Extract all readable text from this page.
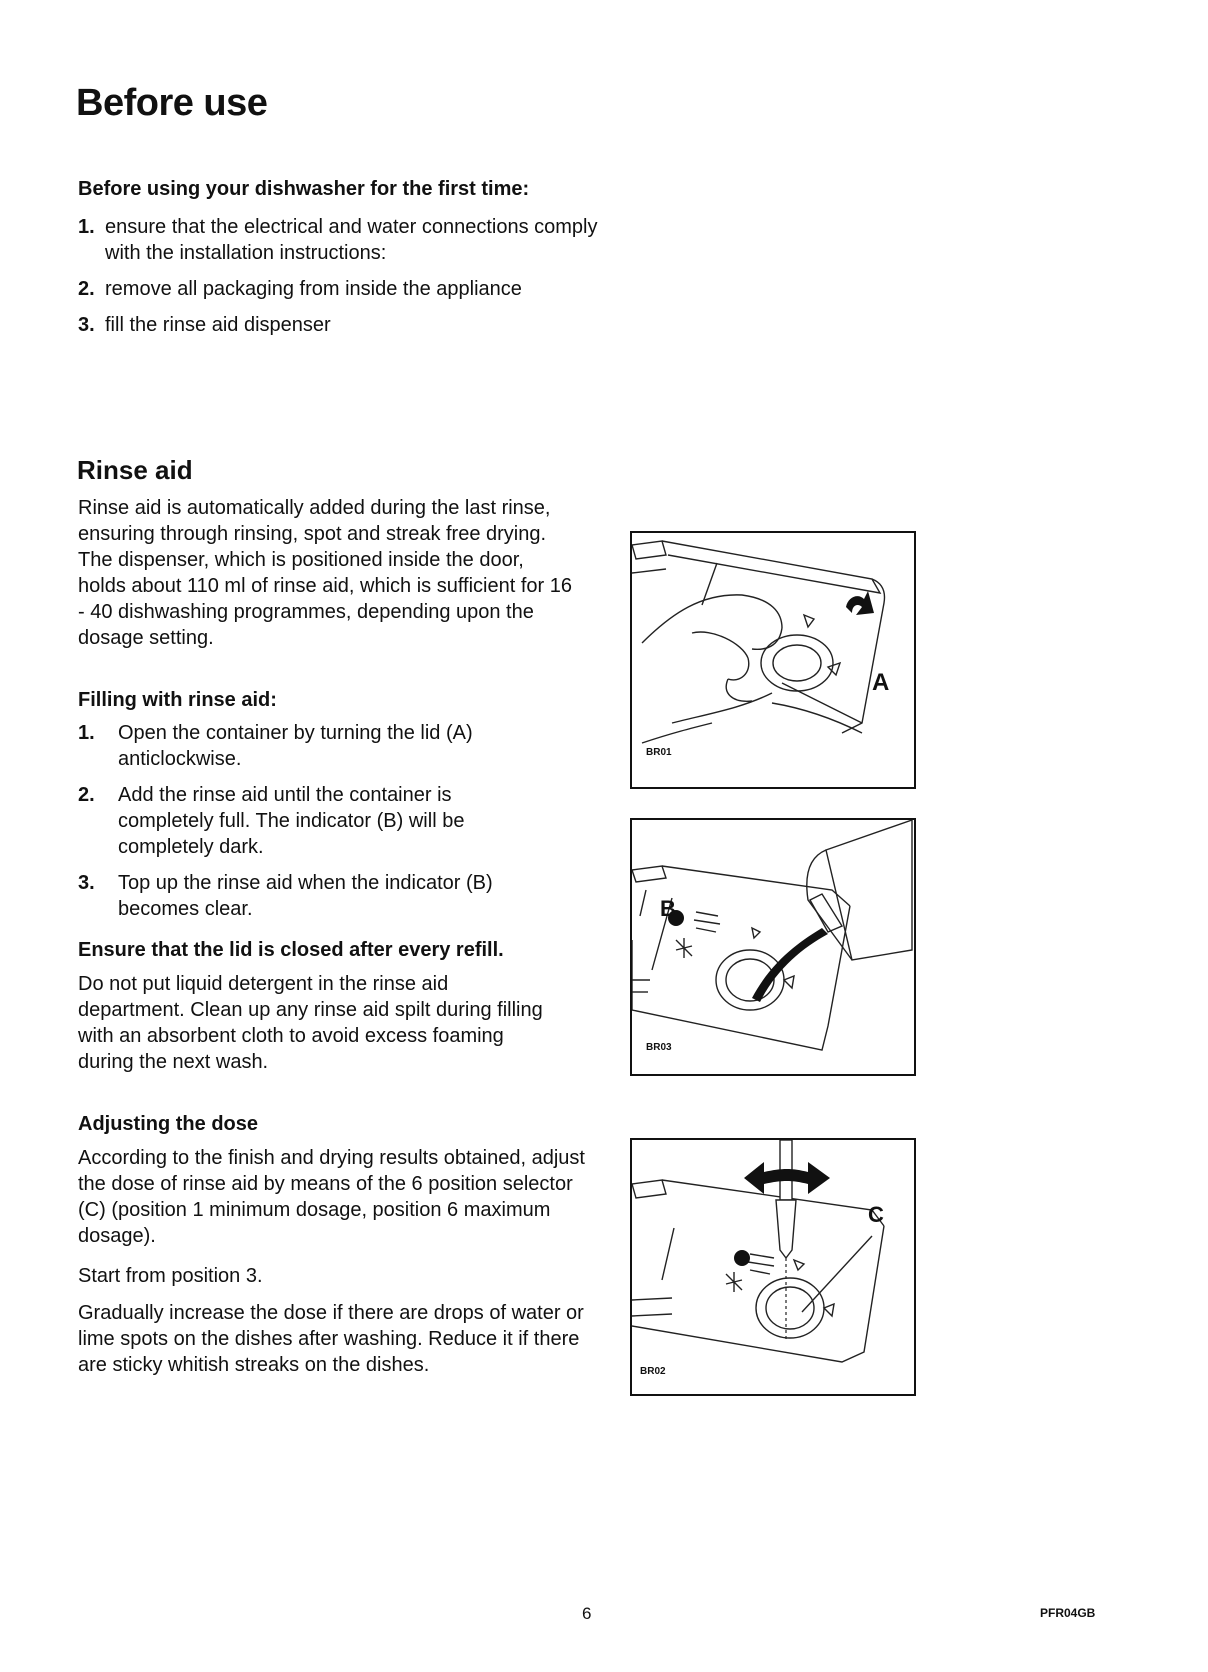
Before use
Before using your dishwasher for the first time:
1. ensure that the electrical and water connections comply with the installation instructions:
2. remove all packaging from inside the appliance
3. fill the rinse aid dispenser
Rinse aid
Rinse aid is automatically added during the last rinse, ensuring through rinsing, spot and streak free drying. The dispenser, which is positioned inside the door, holds about 110 ml of rinse aid, which is sufficient for 16 - 40 dishwashing programmes, depending upon the dosage setting.
Filling with rinse aid:
1. Open the container by turning the lid (A) anticlockwise.
2. Add the rinse aid until the container is completely full. The indicator (B) will be completely dark.
3. Top up the rinse aid when the indicator (B) becomes clear.
Ensure that the lid is closed after every refill.
Do not put liquid detergent in the rinse aid department. Clean up any rinse aid spilt during filling with an absorbent cloth to avoid excess foaming during the next wash.
Adjusting the dose
According to the finish and drying results obtained, adjust the dose of rinse aid by means of the 6 position selector (C) (position 1 minimum dosage, position 6 maximum dosage).
Start from position 3.
Gradually increase the dose if there are drops of water or lime spots on the dishes after washing. Reduce it if there are sticky whitish streaks on the dishes.
A
BR01
B
BR03
C
BR02
6	PFR04GB
